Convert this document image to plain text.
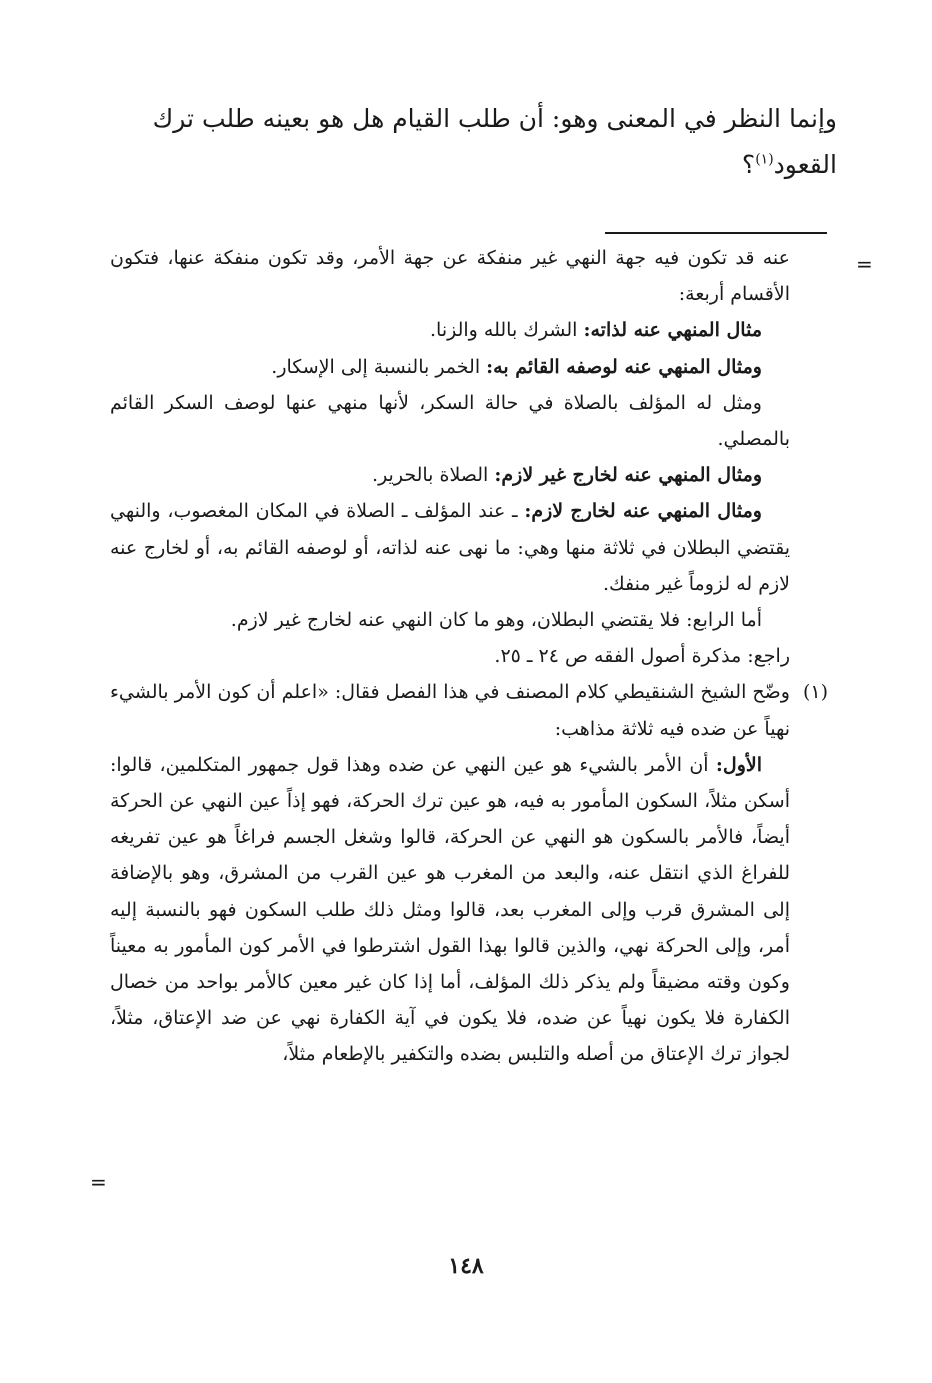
وإنما النظر في المعنى وهو: أن طلب القيام هل هو بعينه طلب ترك

القعود$^{(١)}$؟

=

عنه قد تكون فيه جهة النهي غير منفكة عن جهة الأمر، وقد تكون منفكة عنها، فتكون الأقسام أربعة:

مثال المنهي عنه لذاته: الشرك بالله والزنا.

ومثال المنهي عنه لوصفه القائم به: الخمر بالنسبة إلى الإسكار.

ومثل له المؤلف بالصلاة في حالة السكر، لأنها منهي عنها لوصف السكر القائم بالمصلي.

ومثال المنهي عنه لخارج غير لازم: الصلاة بالحرير.

ومثال المنهي عنه لخارج لازم: ـ عند المؤلف ـ الصلاة في المكان المغصوب، والنهي يقتضي البطلان في ثلاثة منها وهي: ما نهى عنه لذاته، أو لوصفه القائم به، أو لخارج عنه لازم له لزوماً غير منفك.

أما الرابع: فلا يقتضي البطلان، وهو ما كان النهي عنه لخارج غير لازم.

راجع: مذكرة أصول الفقه ص ٢٤ ـ ٢٥.

(١)

وضّح الشيخ الشنقيطي كلام المصنف في هذا الفصل فقال: «اعلم أن كون الأمر بالشيء نهياً عن ضده فيه ثلاثة مذاهب:

الأول: أن الأمر بالشيء هو عين النهي عن ضده وهذا قول جمهور المتكلمين، قالوا: أسكن مثلاً، السكون المأمور به فيه، هو عين ترك الحركة، فهو إذاً عين النهي عن الحركة أيضاً، فالأمر بالسكون هو النهي عن الحركة، قالوا وشغل الجسم فراغاً هو عين تفريغه للفراغ الذي انتقل عنه، والبعد من المغرب هو عين القرب من المشرق، وهو بالإضافة إلى المشرق قرب وإلى المغرب بعد، قالوا ومثل ذلك طلب السكون فهو بالنسبة إليه أمر، وإلى الحركة نهي، والذين قالوا بهذا القول اشترطوا في الأمر كون المأمور به معيناً وكون وقته مضيقاً ولم يذكر ذلك المؤلف، أما إذا كان غير معين كالأمر بواحد من خصال الكفارة فلا يكون نهياً عن ضده، فلا يكون في آية الكفارة نهي عن ضد الإعتاق، مثلاً، لجواز ترك الإعتاق من أصله والتلبس بضده والتكفير بالإطعام مثلاً،

=
١٤٨
